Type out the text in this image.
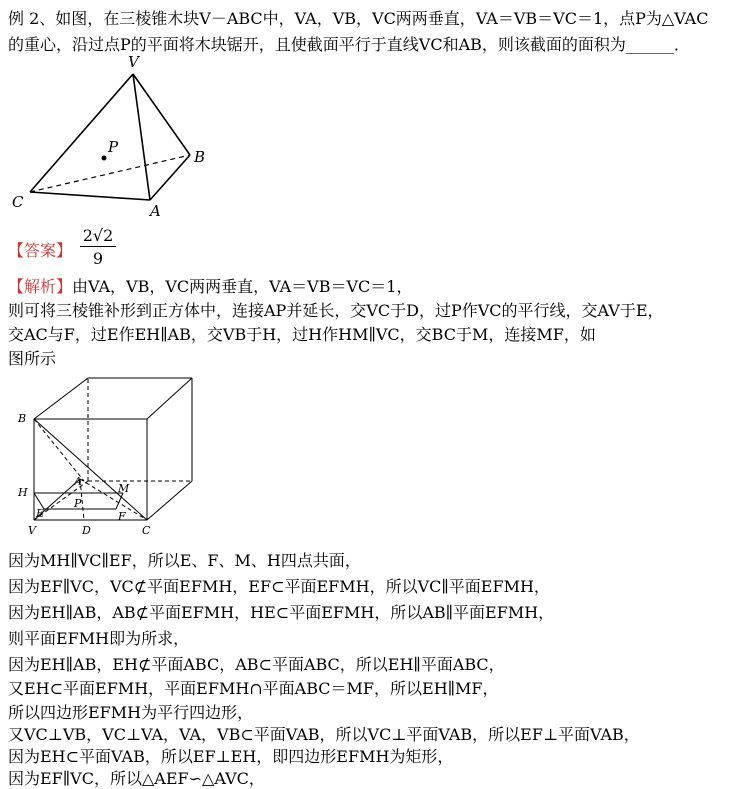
例 2、如图，在三棱锥木块V－ABC中，VA，VB，VC两两垂直，VA＝VB＝VC＝1，点P为△VAC
的重心，沿过点P的平面将木块锯开，且使截面平行于直线VC和AB，则该截面的面积为______．
V
P
B
C	A
【答案】 $\frac{2√2}{9}$
【解析】由VA，VB，VC两两垂直，VA＝VB＝VC＝1，
则可将三棱锥补形到正方体中，连接AP并延长，交VC于D，过P作VC的平行线，交AV于E，
交AC与F，过E作EH∥AB，交VB于H，过H作HM∥VC，交BC于M，连接MF，如
图所示
B
H
A
M
P
E	F
V	D	C
因为MH∥VC∥EF，所以E、F、M、H四点共面，
因为EF∥VC，VC⊄平面EFMH，EF⊂平面EFMH，所以VC∥平面EFMH，
因为EH∥AB，AB⊄平面EFMH，HE⊂平面EFMH，所以AB∥平面EFMH，
则平面EFMH即为所求，
因为EH∥AB，EH⊄平面ABC，AB⊂平面ABC，所以EH∥平面ABC，
又EH⊂平面EFMH，平面EFMH∩平面ABC＝MF，所以EH∥MF，
所以四边形EFMH为平行四边形，
又VC⊥VB，VC⊥VA，VA，VB⊂平面VAB，所以VC⊥平面VAB，所以EF⊥平面VAB，
因为EH⊂平面VAB，所以EF⊥EH，即四边形EFMH为矩形，
因为EF∥VC，所以△AEF∽△AVC，
